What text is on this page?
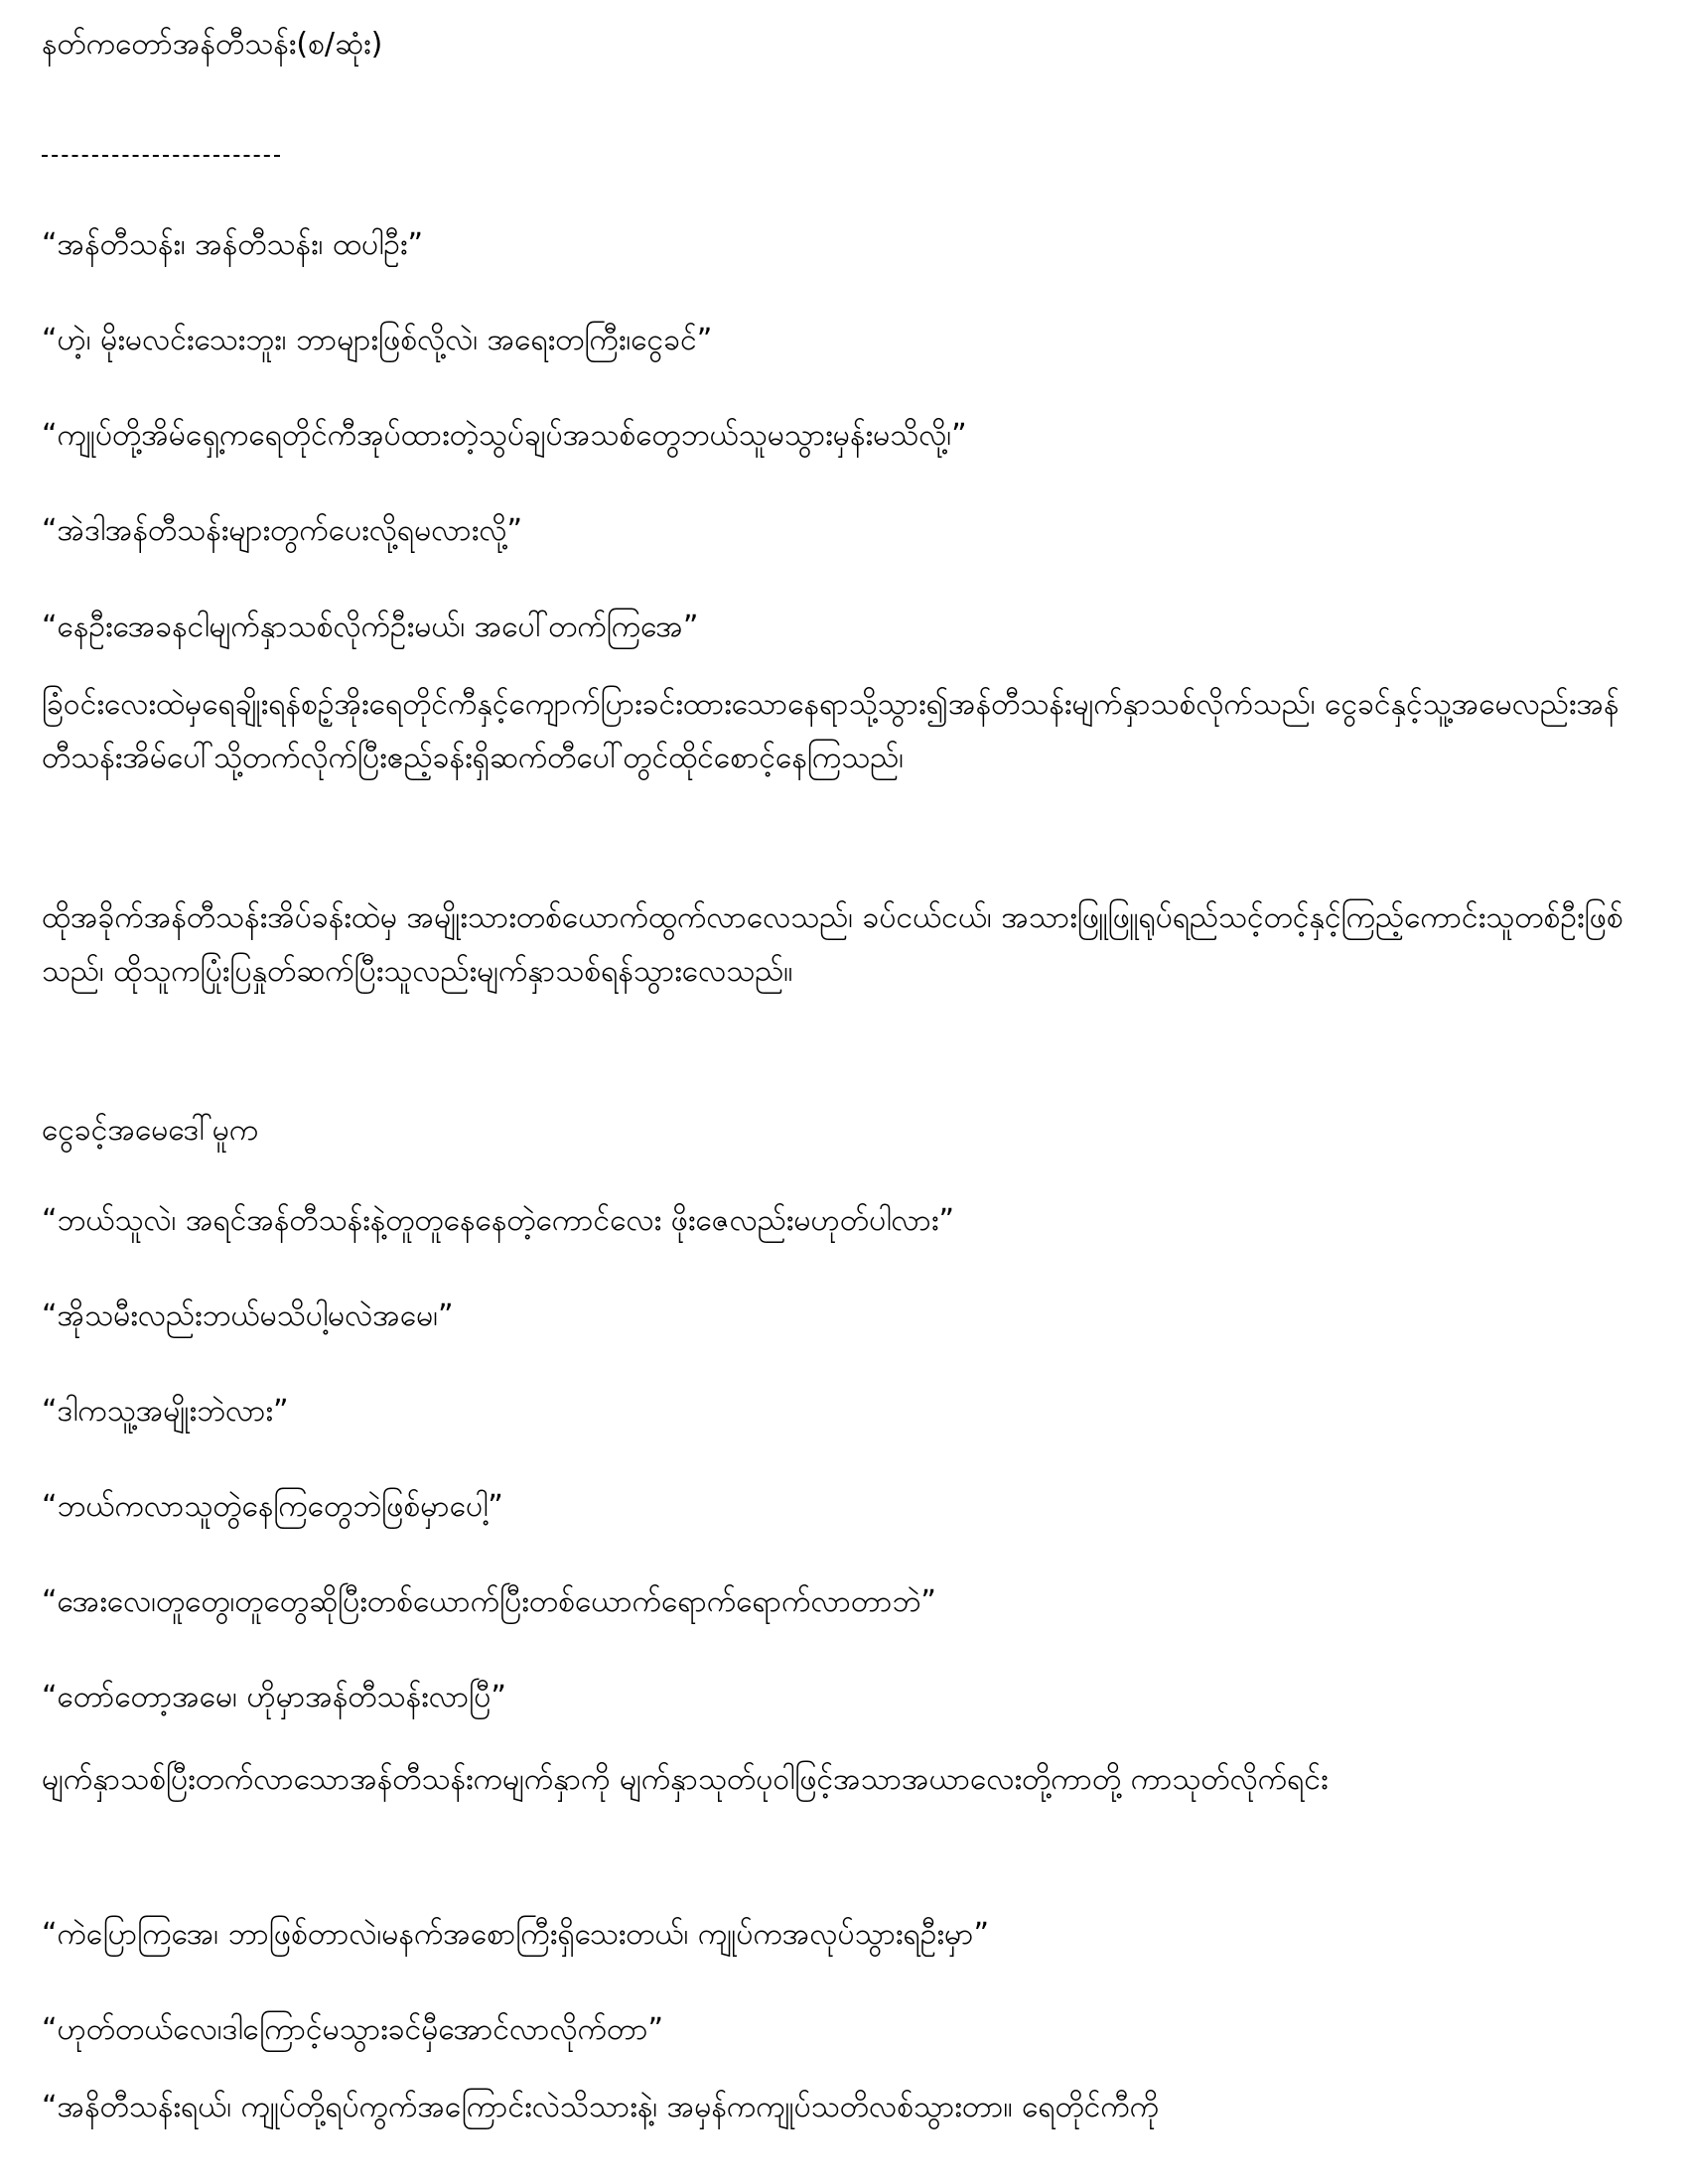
နတ်ကတော်အန်တီသန်း(စ/ဆုံး)

“အန်တီသန်း၊ အန်တီသန်း၊ ထပါဦး”

“ဟဲ့၊ မိုးမလင်းသေးဘူး၊ ဘာများဖြစ်လို့လဲ၊ အရေးတကြီး၊ငွေခင်”

“ကျုပ်တို့အိမ်ရှေ့ကရေတိုင်ကီအုပ်ထားတဲ့သွပ်ချပ်အသစ်တွေဘယ်သူမသွားမှန်းမသိလို့၊”

“အဲဒါအန်တီသန်းများတွက်ပေးလို့ရမလားလို့”

“နေဦးအေခနငါမျက်နှာသစ်လိုက်ဦးမယ်၊ အပေါ်တက်ကြအေ”

ခြံဝင်းလေးထဲမှရေချိုးရန်စဥ့်အိုးရေတိုင်ကီနှင့်ကျောက်ပြားခင်းထားသောနေရာသို့သွား၍အန်တီသန်းမျက်နှာသစ်လိုက်သည်၊ ငွေခင်နှင့်သူ့အမေလည်းအန်တီသန်းအိမ်ပေါ်သို့တက်လိုက်ပြီးဧည့်ခန်းရှိဆက်တီပေါ်တွင်ထိုင်စောင့်နေကြသည်၊

ထိုအခိုက်အန်တီသန်းအိပ်ခန်းထဲမှ အမျိုးသားတစ်ယောက်ထွက်လာလေသည်၊ ခပ်ငယ်ငယ်၊ အသားဖြူဖြူရုပ်ရည်သင့်တင့်နှင့်ကြည့်ကောင်းသူတစ်ဦးဖြစ်သည်၊ ထိုသူကပြုံးပြနှုတ်ဆက်ပြီးသူလည်းမျက်နှာသစ်ရန်သွားလေသည်။

ငွေခင့်အမေဒေါ်မူက

“ဘယ်သူလဲ၊ အရင်အန်တီသန်းနဲ့တူတူနေနေတဲ့ကောင်လေး ဖိုးဇေလည်းမဟုတ်ပါလား”

“အိုသမီးလည်းဘယ်မသိပါ့မလဲအမေ၊”

“ဒါကသူ့အမျိုးဘဲလား”

“ဘယ်ကလာသူတွဲနေကြတွေဘဲဖြစ်မှာပေါ့”

“အေးလေ၊တူတွေ၊တူတွေဆိုပြီးတစ်ယောက်ပြီးတစ်ယောက်ရောက်ရောက်လာတာဘဲ”

“တော်တော့အမေ၊ ဟိုမှာအန်တီသန်းလာပြီ”

မျက်နှာသစ်ပြီးတက်လာသောအန်တီသန်းကမျက်နှာကို မျက်နှာသုတ်ပုဝါဖြင့်အသာအယာလေးတို့ကာတို့ ကာသုတ်လိုက်ရင်း

“ကဲပြောကြအေ၊ ဘာဖြစ်တာလဲ၊မနက်အစောကြီးရှိသေးတယ်၊ ကျုပ်ကအလုပ်သွားရဦးမှာ”

“ဟုတ်တယ်လေ၊ဒါကြောင့်မသွားခင်မှီအောင်လာလိုက်တာ”

“အနိတီသန်းရယ်၊ ကျုပ်တို့ရပ်ကွက်အကြောင်းလဲသိသားနဲ့၊ အမှန်ကကျုပ်သတိလစ်သွားတာ။ ရေတိုင်ကီကို
